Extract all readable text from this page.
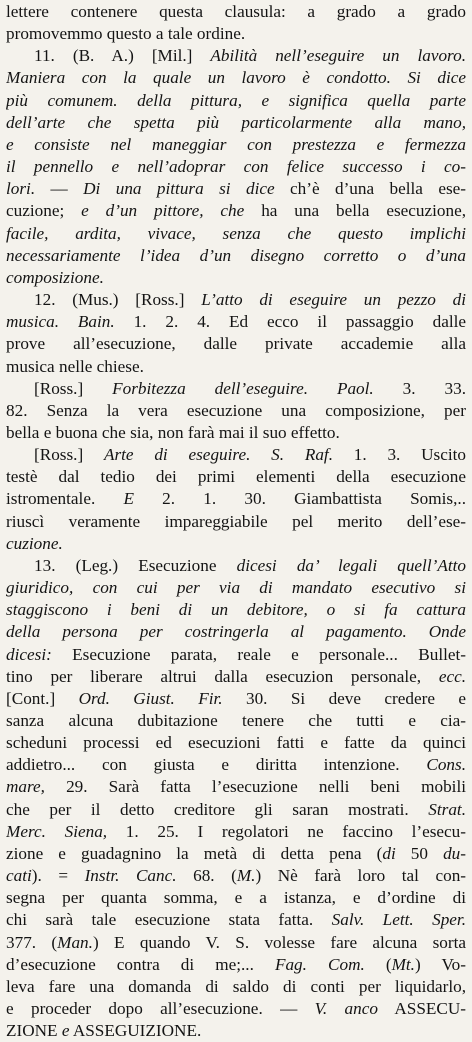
lettere contenere questa clausula: a grado a grado
promovemmo questo a tale ordine.
11. (B. A.) [Mil.] Abilità nell’eseguire un lavoro.
Maniera con la quale un lavoro è condotto. Si dice
più comunem. della pittura, e significa quella parte
dell’arte che spetta più particolarmente alla mano,
e consiste nel maneggiar con prestezza e fermezza
il pennello e nell’adoprar con felice successo i co-
lori. — Di una pittura si dice ch’è d’una bella ese-
cuzione; e d’un pittore, che ha una bella esecuzione,
facile, ardita, vivace, senza che questo implichi
necessariamente l’idea d’un disegno corretto o d’una
composizione.
12. (Mus.) [Ross.] L’atto di eseguire un pezzo di
musica. Bain. 1. 2. 4. Ed ecco il passaggio dalle
prove all’esecuzione, dalle private accademie alla
musica nelle chiese.
[Ross.] Forbitezza dell’eseguire. Paol. 3. 33.
82. Senza la vera esecuzione una composizione, per
bella e buona che sia, non farà mai il suo effetto.
[Ross.] Arte di eseguire. S. Raf. 1. 3. Uscito
testè dal tedio dei primi elementi della esecuzione
istromentale. E 2. 1. 30. Giambattista Somis,..
riuscì veramente impareggiabile pel merito dell’ese-
cuzione.
13. (Leg.) Esecuzione dicesi da’ legali quell’Atto
giuridico, con cui per via di mandato esecutivo si
staggiscono i beni di un debitore, o si fa cattura
della persona per costringerla al pagamento. Onde
dicesi: Esecuzione parata, reale e personale... Bullet-
tino per liberare altrui dalla esecuzion personale, ecc.
[Cont.] Ord. Giust. Fir. 30. Si deve credere e
sanza alcuna dubitazione tenere che tutti e cia-
scheduni processi ed esecuzioni fatti e fatte da quinci
addietro... con giusta e diritta intenzione. Cons.
mare, 29. Sarà fatta l’esecuzione nelli beni mobili
che per il detto creditore gli saran mostrati. Strat.
Merc. Siena, 1. 25. I regolatori ne faccino l’esecu-
zione e guadagnino la metà di detta pena (di 50 du-
cati). = Instr. Canc. 68. (M.) Nè farà loro tal con-
segna per quanta somma, e a istanza, e d’ordine di
chi sarà tale esecuzione stata fatta. Salv. Lett. Sper.
377. (Man.) E quando V. S. volesse fare alcuna sorta
d’esecuzione contra di me;... Fag. Com. (Mt.) Vo-
leva fare una domanda di saldo di conti per liquidarlo,
e proceder dopo all’esecuzione. — V. anco ASSECU-
ZIONE e ASSEGUIZIONE.
